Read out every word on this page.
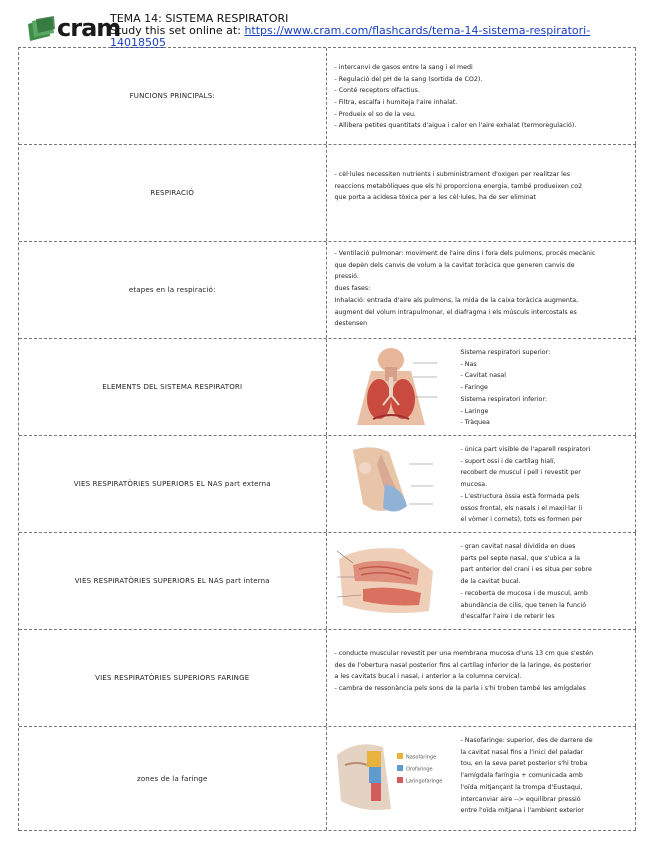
cram
TEMA 14: SISTEMA RESPIRATORI
Study this set online at: https://www.cram.com/flashcards/tema-14-sistema-respiratori-14018505
FUNCIONS PRINCIPALS:
- intercanvi de gasos entre la sang i el medi
- Regulació del pH de la sang (sortida de CO2).
- Conté receptors olfactius.
- Filtra, escalfa i humiteja l'aire inhalat.
- Produeix el so de la veu.
- Allibera petites quantitats d'aigua i calor en l'aire exhalat (termoregulació).
RESPIRACIÓ
- cèl·lules necessiten nutrients i subministrament d'oxigen per realitzar les
reaccions metabòliques que els hi proporciona energia, també produeixen co2
que porta a acidesa tòxica per a les cèl·lules, ha de ser eliminat
etapes en la respiració:
- Ventilació pulmonar: moviment de l'aire dins i fora dels pulmons, procés mecànic
que depèn dels canvis de volum a la cavitat toràcica que generen canvis de
pressió.
dues fases:
Inhalació: entrada d'aire als pulmons, la mida de la caixa toràcica augmenta,
augment del volum intrapulmonar, el diafragma i els músculs intercostals es
destensen
ELEMENTS DEL SISTEMA RESPIRATORI
Sistema respiratori superior:
- Nas
- Cavitat nasal
- Faringe
Sistema respiratori inferior:
- Laringe
- Tràquea
VIES RESPIRATÒRIES SUPERIORS EL NAS part externa
- única part visible de l'aparell respiratori
- suport ossi i de cartílag hialí,
recobert de muscul i pell i revestit per
mucosa.
- L'estructura òssia està formada pels
ossos frontal, els nasals i el maxil·lar (i
el vòmer i cornets), tots es formen per
VIES RESPIRATÒRIES SUPERIORS EL NAS part interna
- gran cavitat nasal dividida en dues
parts pel septe nasal, que s'ubica a la
part anterior del crani i es situa per sobre
de la cavitat bucal.
- recoberta de mucosa i de muscul, amb
abundància de cilis, que tenen la funció
d'escalfar l'aire i de reterir les
VIES RESPIRATÒRIES SUPERIORS FARINGE
- conducte muscular revestit per una membrana mucosa d'uns 13 cm que s'estén
des de l'obertura nasal posterior fins al cartílag inferior de la laringe, és posterior
a les cavitats bucal i nasal, i anterior a la columna cervical.
- cambra de ressonància pels sons de la parla i s'hi troben també les amígdales
zones de la faringe
Nasofaringe
Orofaringe
Laringofaringe
- Nasofaringe: superior, des de darrere de
la cavitat nasal fins a l'inici del paladar
tou, en la seva paret posterior s'hi troba
l'amígdala faríngia + comunicada amb
l'oïda mitjançant la trompa d'Eustaqui,
intercanviar aire --> equilibrar pressió
entre l'oïda mitjana i l'ambient exterior
